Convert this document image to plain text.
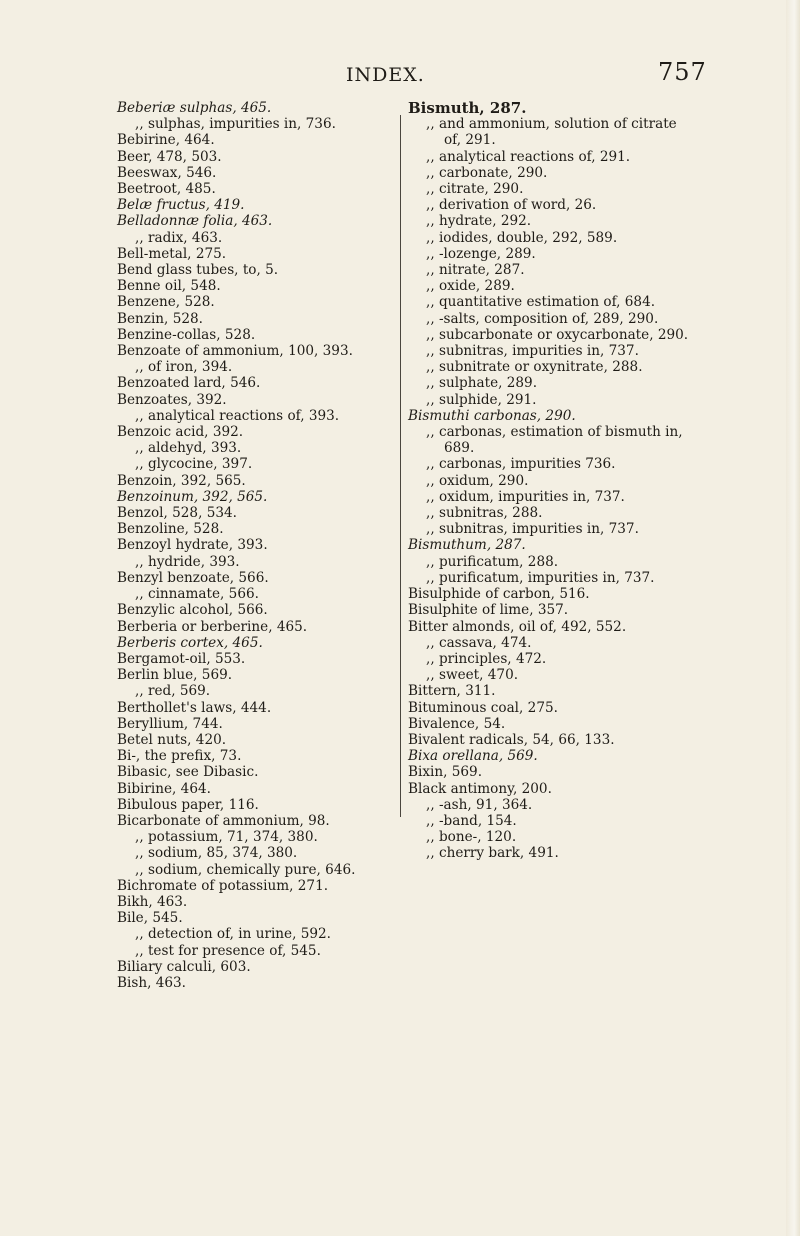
INDEX.	757

Beberiæ sulphas, 465.

,, sulphas, impurities in, 736.

Bebirine, 464.

Beer, 478, 503.

Beeswax, 546.

Beetroot, 485.

Belæ fructus, 419.

Belladonnæ folia, 463.

,, radix, 463.

Bell-metal, 275.

Bend glass tubes, to, 5.

Benne oil, 548.

Benzene, 528.

Benzin, 528.

Benzine-collas, 528.

Benzoate of ammonium, 100, 393.

,, of iron, 394.

Benzoated lard, 546.

Benzoates, 392.

,, analytical reactions of, 393.

Benzoic acid, 392.

,, aldehyd, 393.

,, glycocine, 397.

Benzoin, 392, 565.

Benzoinum, 392, 565.

Benzol, 528, 534.

Benzoline, 528.

Benzoyl hydrate, 393.

,, hydride, 393.

Benzyl benzoate, 566.

,, cinnamate, 566.

Benzylic alcohol, 566.

Berberia or berberine, 465.

Berberis cortex, 465.

Bergamot-oil, 553.

Berlin blue, 569.

,, red, 569.

Berthollet's laws, 444.

Beryllium, 744.

Betel nuts, 420.

Bi-, the prefix, 73.

Bibasic, see Dibasic.

Bibirine, 464.

Bibulous paper, 116.

Bicarbonate of ammonium, 98.

,, potassium, 71, 374, 380.

,, sodium, 85, 374, 380.

,, sodium, chemically pure, 646.

Bichromate of potassium, 271.

Bikh, 463.

Bile, 545.

,, detection of, in urine, 592.

,, test for presence of, 545.

Biliary calculi, 603.

Bish, 463.

Bismuth, 287.

,, and ammonium, solution of citrate of, 291.

,, analytical reactions of, 291.

,, carbonate, 290.

,, citrate, 290.

,, derivation of word, 26.

,, hydrate, 292.

,, iodides, double, 292, 589.

,, -lozenge, 289.

,, nitrate, 287.

,, oxide, 289.

,, quantitative estimation of, 684.

,, -salts, composition of, 289, 290.

,, subcarbonate or oxycarbonate, 290.

,, subnitras, impurities in, 737.

,, subnitrate or oxynitrate, 288.

,, sulphate, 289.

,, sulphide, 291.

Bismuthi carbonas, 290.

,, carbonas, estimation of bismuth in, 689.

,, carbonas, impurities 736.

,, oxidum, 290.

,, oxidum, impurities in, 737.

,, subnitras, 288.

,, subnitras, impurities in, 737.

Bismuthum, 287.

,, purificatum, 288.

,, purificatum, impurities in, 737.

Bisulphide of carbon, 516.

Bisulphite of lime, 357.

Bitter almonds, oil of, 492, 552.

,, cassava, 474.

,, principles, 472.

,, sweet, 470.

Bittern, 311.

Bituminous coal, 275.

Bivalence, 54.

Bivalent radicals, 54, 66, 133.

Bixa orellana, 569.

Bixin, 569.

Black antimony, 200.

,, -ash, 91, 364.

,, -band, 154.

,, bone-, 120.

,, cherry bark, 491.
